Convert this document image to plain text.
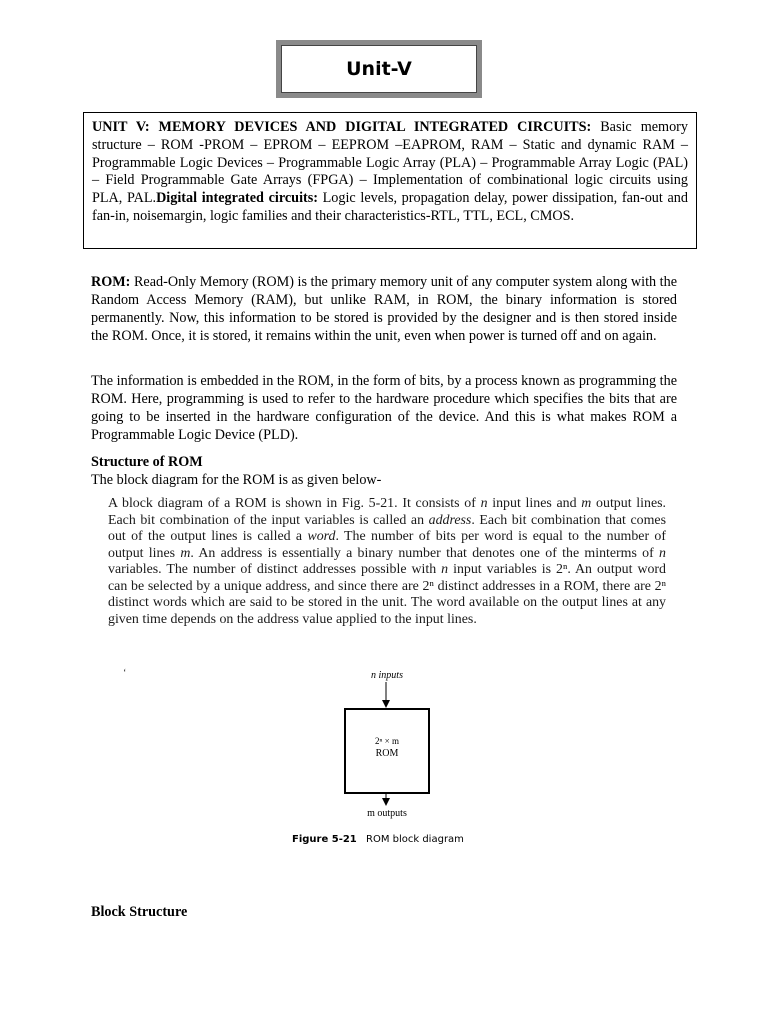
Unit-V
UNIT V: MEMORY DEVICES AND DIGITAL INTEGRATED CIRCUITS: Basic memory structure – ROM -PROM – EPROM – EEPROM –EAPROM, RAM – Static and dynamic RAM – Programmable Logic Devices – Programmable Logic Array (PLA) – Programmable Array Logic (PAL) – Field Programmable Gate Arrays (FPGA) – Implementation of combinational logic circuits using PLA, PAL.Digital integrated circuits: Logic levels, propagation delay, power dissipation, fan-out and fan-in, noisemargin, logic families and their characteristics-RTL, TTL, ECL, CMOS.

ROM: Read-Only Memory (ROM) is the primary memory unit of any computer system along with the Random Access Memory (RAM), but unlike RAM, in ROM, the binary information is stored permanently. Now, this information to be stored is provided by the designer and is then stored inside the ROM. Once, it is stored, it remains within the unit, even when power is turned off and on again.

The information is embedded in the ROM, in the form of bits, by a process known as programming the ROM. Here, programming is used to refer to the hardware procedure which specifies the bits that are going to be inserted in the hardware configuration of the device. And this is what makes ROM a Programmable Logic Device (PLD).

Structure of ROM

The block diagram for the ROM is as given below-

A block diagram of a ROM is shown in Fig. 5-21. It consists of n input lines and m output lines. Each bit combination of the input variables is called an address. Each bit combination that comes out of the output lines is called a word. The number of bits per word is equal to the number of output lines m. An address is essentially a binary number that denotes one of the minterms of n variables. The number of distinct addresses possible with n input variables is 2ⁿ. An output word can be selected by a unique address, and since there are 2ⁿ distinct addresses in a ROM, there are 2ⁿ distinct words which are said to be stored in the unit. The word available on the output lines at any given time depends on the address value applied to the input lines.
‘	n inputs
2ⁿ × m
ROM
m outputs
Figure 5-21 ROM block diagram
Block Structure
